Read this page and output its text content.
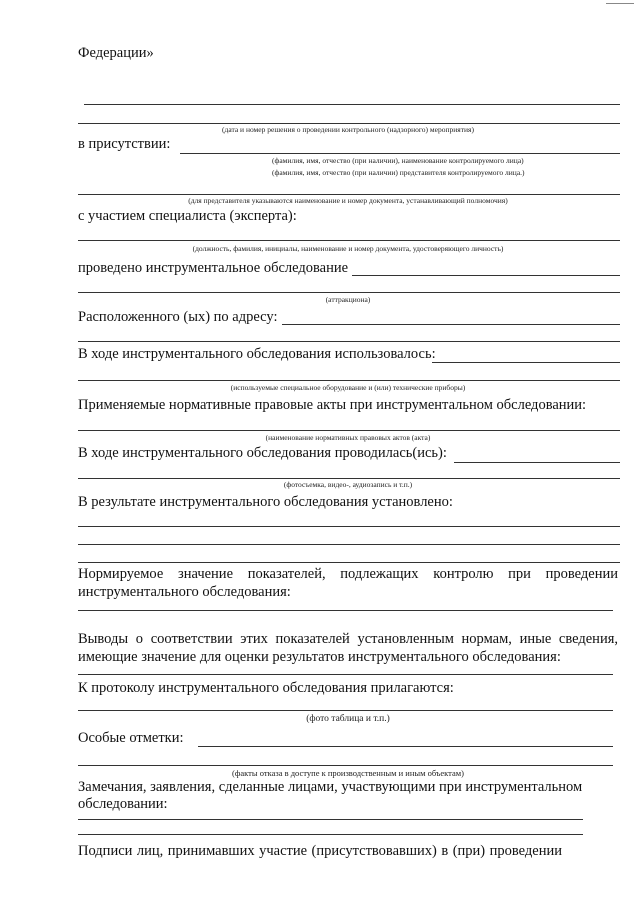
Федерации»
(дата и номер решения о проведении контрольного (надзорного) мероприятия)
в присутствии:
(фамилия, имя, отчество (при наличии), наименование контролируемого лица)
(фамилия, имя, отчество (при наличии) представителя контролируемого лица.)
(для представителя указываются наименование и номер документа, устанавливающий полномочия)
с участием специалиста (эксперта):
(должность, фамилия, инициалы, наименование и номер документа, удостоверяющего личность)
проведено инструментальное обследование
(аттракциона)
Расположенного (ых) по адресу:
В ходе инструментального обследования использовалось:
(используемые специальное оборудование и (или) технические приборы)
Применяемые нормативные правовые акты при инструментальном обследовании:
(наименование нормативных правовых актов (акта)
В ходе инструментального обследования проводилась(ись):
(фотосъемка, видео-, аудиозапись и т.п.)
В результате инструментального обследования установлено:
Нормируемое значение показателей, подлежащих контролю при проведении
инструментального обследования:
Выводы о соответствии этих показателей установленным нормам, иные сведения,
имеющие значение для оценки результатов инструментального обследования:
К протоколу инструментального обследования прилагаются:
(фото таблица и т.п.)
Особые отметки:
(факты отказа в доступе к производственным и иным объектам)
Замечания, заявления, сделанные лицами, участвующими при инструментальном
обследовании:
Подписи лиц, принимавших участие (присутствовавших) в (при) проведении
